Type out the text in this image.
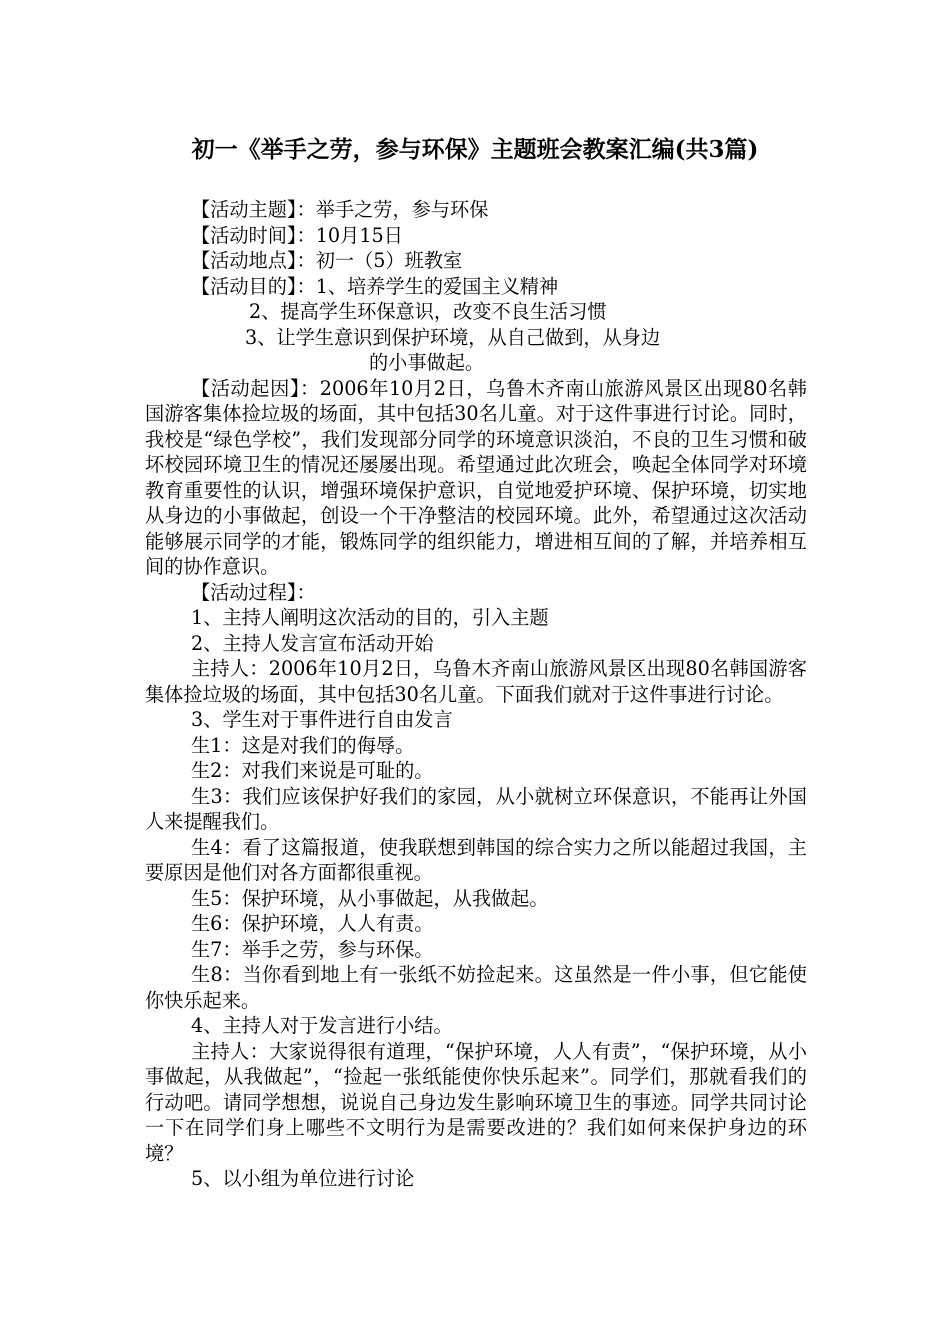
初一《举手之劳，参与环保》主题班会教案汇编(共3篇)

【活动主题】：举手之劳，参与环保

【活动时间】：10月15日

【活动地点】：初一（5）班教室

【活动目的】：1、培养学生的爱国主义精神

2、提高学生环保意识，改变不良生活习惯

3、让学生意识到保护环境，从自己做到，从身边

的小事做起。

【活动起因】：2006年10月2日，乌鲁木齐南山旅游风景区出现80名韩国游客集体捡垃圾的场面，其中包括30名儿童。对于这件事进行讨论。同时，我校是“绿色学校”，我们发现部分同学的环境意识淡泊，不良的卫生习惯和破坏校园环境卫生的情况还屡屡出现。希望通过此次班会，唤起全体同学对环境教育重要性的认识，增强环境保护意识，自觉地爱护环境、保护环境，切实地从身边的小事做起，创设一个干净整洁的校园环境。此外，希望通过这次活动能够展示同学的才能，锻炼同学的组织能力，增进相互间的了解，并培养相互间的协作意识。

【活动过程】：

1、主持人阐明这次活动的目的，引入主题

2、主持人发言宣布活动开始

主持人：2006年10月2日，乌鲁木齐南山旅游风景区出现80名韩国游客集体捡垃圾的场面，其中包括30名儿童。下面我们就对于这件事进行讨论。

3、学生对于事件进行自由发言

生1：这是对我们的侮辱。

生2：对我们来说是可耻的。

生3：我们应该保护好我们的家园，从小就树立环保意识，不能再让外国人来提醒我们。

生4：看了这篇报道，使我联想到韩国的综合实力之所以能超过我国，主要原因是他们对各方面都很重视。

生5：保护环境，从小事做起，从我做起。

生6：保护环境，人人有责。

生7：举手之劳，参与环保。

生8：当你看到地上有一张纸不妨捡起来。这虽然是一件小事，但它能使你快乐起来。

4、主持人对于发言进行小结。

主持人：大家说得很有道理，“保护环境，人人有责”，“保护环境，从小事做起，从我做起”，“捡起一张纸能使你快乐起来”。同学们，那就看我们的行动吧。请同学想想，说说自己身边发生影响环境卫生的事迹。同学共同讨论一下在同学们身上哪些不文明行为是需要改进的？我们如何来保护身边的环境？

5、以小组为单位进行讨论
